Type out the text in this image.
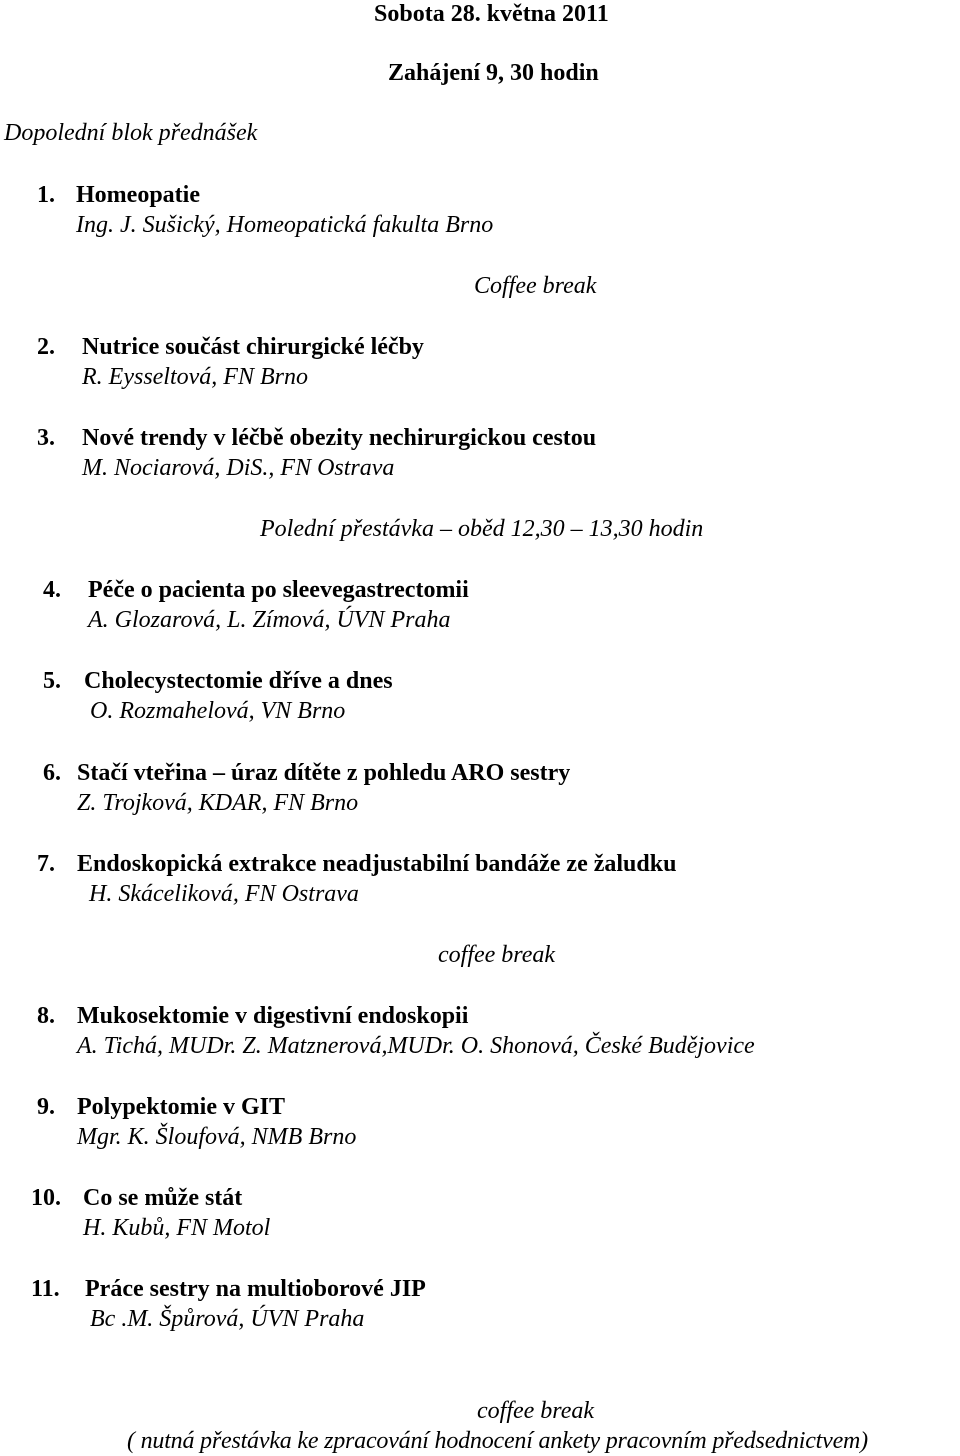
Sobota 28. května 2011
Zahájení 9, 30 hodin
Dopolední blok přednášek
1. Homeopatie
Ing. J. Sušický, Homeopatická fakulta Brno
Coffee break
2. Nutrice součást chirurgické léčby
R. Eysseltová, FN Brno
3. Nové trendy v léčbě obezity nechirurgickou cestou
M. Nociarová, DiS., FN Ostrava
Polední přestávka – oběd 12,30 – 13,30 hodin
4. Péče o pacienta po sleevegastrectomii
A. Glozarová, L. Zímová, ÚVN Praha
5. Cholecystectomie dříve a dnes
O. Rozmahelová, VN Brno
6. Stačí vteřina – úraz dítěte z pohledu ARO sestry
Z. Trojková, KDAR, FN Brno
7. Endoskopická extrakce neadjustabilní bandáže ze žaludku
H. Skáceliková, FN Ostrava
coffee break
8. Mukosektomie v digestivní endoskopii
A. Tichá, MUDr. Z. Matznerová,MUDr. O. Shonová, České Budějovice
9. Polypektomie v GIT
Mgr. K. Šloufová, NMB Brno
10. Co se může stát
H. Kubů, FN Motol
11. Práce sestry na multioborové JIP
Bc .M. Špůrová, ÚVN Praha
coffee break
( nutná přestávka ke zpracování hodnocení ankety pracovním předsednictvem)
